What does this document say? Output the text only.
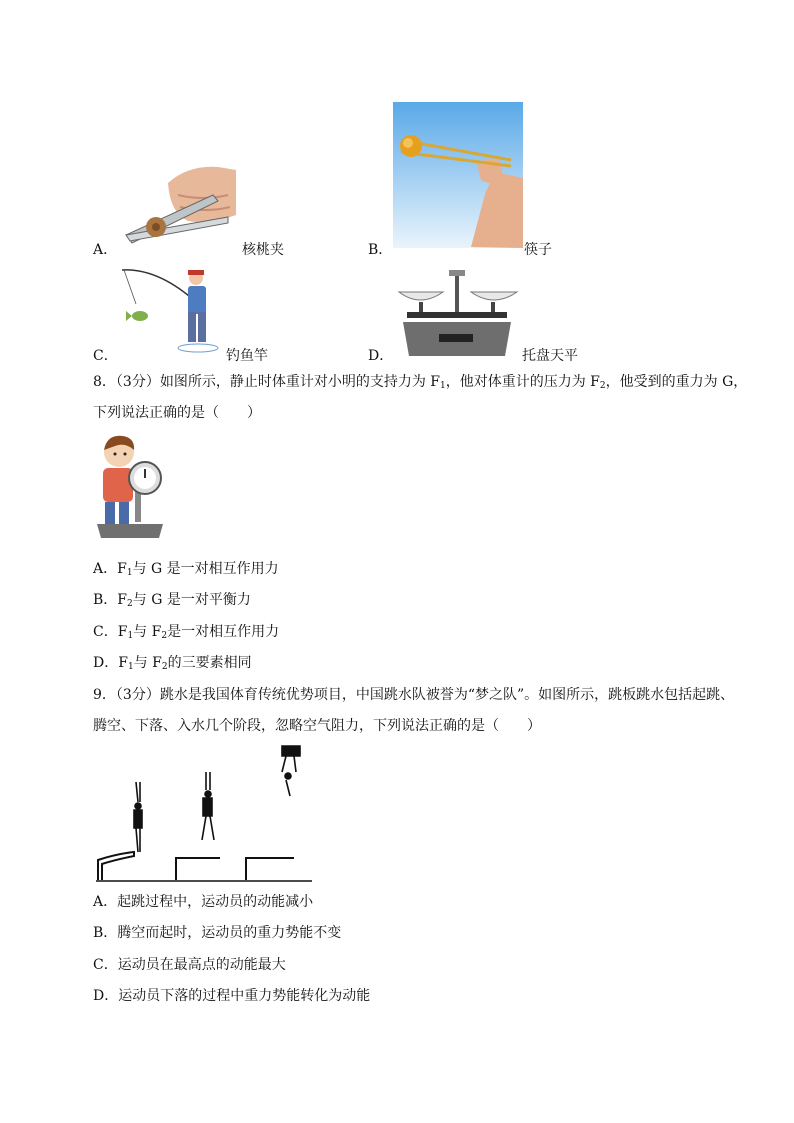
A．	核桃夹	B．	筷子
C．	钓鱼竿	D．	托盘天平
8．（3分）如图所示，静止时体重计对小明的支持力为 $F_1$，他对体重计的压力为 $F_2$，他受到的重力为 G，
下列说法正确的是（　　）
A．$F_1$与 G 是一对相互作用力
B．$F_2$与 G 是一对平衡力
C．$F_1$与 $F_2$是一对相互作用力
D．$F_1$与 $F_2$的三要素相同
9．（3分）跳水是我国体育传统优势项目，中国跳水队被誉为“梦之队”。如图所示，跳板跳水包括起跳、
腾空、下落、入水几个阶段，忽略空气阻力，下列说法正确的是（　　）
A．起跳过程中，运动员的动能减小
B．腾空而起时，运动员的重力势能不变
C．运动员在最高点的动能最大
D．运动员下落的过程中重力势能转化为动能
